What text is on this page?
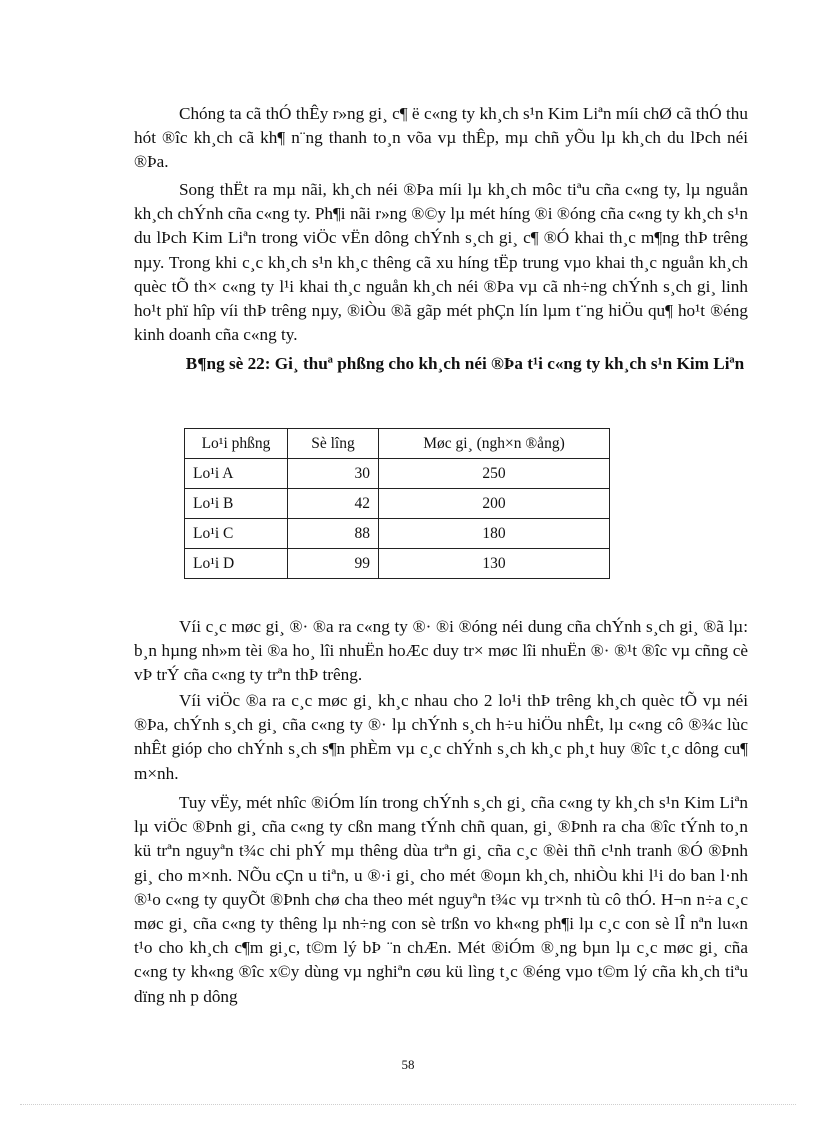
Chóng ta cã thÓ thÊy r»ng gi¸ c¶ ë c«ng ty kh¸ch s¹n Kim Liªn míi chØ cã thÓ thu hót ®îc kh¸ch cã kh¶ n¨ng thanh to¸n võa vµ thÊp, mµ chñ yÕu lµ kh¸ch du lÞch néi ®Þa.

Song thËt ra mµ nãi, kh¸ch néi ®Þa míi lµ kh¸ch môc tiªu cña c«ng ty, lµ nguån kh¸ch chÝnh cña c«ng ty. Ph¶i nãi r»ng ®©y lµ mét híng ®i ®óng cña c«ng ty kh¸ch s¹n du lÞch Kim Liªn trong viÖc vËn dông chÝnh s¸ch gi¸ c¶ ®Ó khai th¸c m¶ng thÞ trêng nµy. Trong khi c¸c kh¸ch s¹n kh¸c thêng cã xu híng tËp trung vµo khai th¸c nguån kh¸ch quèc tÕ th× c«ng ty l¹i khai th¸c nguån kh¸ch néi ®Þa vµ cã nh÷ng chÝnh s¸ch gi¸ linh ho¹t phï hîp víi thÞ trêng nµy, ®iÒu ®ã gãp mét phÇn lín lµm t¨ng hiÖu qu¶ ho¹t ®éng kinh doanh cña c«ng ty.

B¶ng sè 22: Gi¸ thuª phßng cho kh¸ch néi ®Þa t¹i c«ng ty kh¸ch s¹n Kim Liªn

Lo¹i phßng	Sè lîng	Møc gi¸ (ngh×n ®ång)
Lo¹i A	30	250
Lo¹i B	42	200
Lo¹i C	88	180
Lo¹i D	99	130

Víi c¸c møc gi¸ ®· ®a ra c«ng ty ®· ®i ®óng néi dung cña chÝnh s¸ch gi¸ ®ã lµ: b¸n hµng nh»m tèi ®a ho¸ lîi nhuËn hoÆc duy tr× møc lîi nhuËn ®· ®¹t ®îc vµ cñng cè vÞ trÝ cña c«ng ty trªn thÞ trêng.

Víi viÖc ®a ra c¸c møc gi¸ kh¸c nhau cho 2 lo¹i thÞ trêng kh¸ch quèc tÕ vµ néi ®Þa, chÝnh s¸ch gi¸ cña c«ng ty ®· lµ chÝnh s¸ch h÷u hiÖu nhÊt, lµ c«ng cô ®¾c lùc nhÊt gióp cho chÝnh s¸ch s¶n phÈm vµ c¸c chÝnh s¸ch kh¸c ph¸t huy ®îc t¸c dông cu¶ m×nh.

Tuy vËy, mét nhîc ®iÓm lín trong chÝnh s¸ch gi¸ cña c«ng ty kh¸ch s¹n Kim Liªn lµ viÖc ®Þnh gi¸ cña c«ng ty cßn mang tÝnh chñ quan, gi¸ ®Þnh ra cha ®îc tÝnh to¸n kü trªn nguyªn t¾c chi phÝ mµ thêng dùa trªn gi¸ cña c¸c ®èi thñ c¹nh tranh ®Ó ®Þnh gi¸ cho m×nh. NÕu cÇn u tiªn, u ®·i gi¸ cho mét ®oµn kh¸ch, nhiÒu khi l¹i do ban l·nh ®¹o c«ng ty quyÕt ®Þnh chø cha theo mét nguyªn t¾c vµ tr×nh tù cô thÓ. H¬n n÷a c¸c møc gi¸ cña c«ng ty thêng lµ nh÷ng con sè trßn vo kh«ng ph¶i lµ c¸c con sè lÎ nªn lu«n t¹o cho kh¸ch c¶m gi¸c, t©m lý bÞ ¨n chÆn. Mét ®iÓm ®¸ng bµn lµ c¸c møc gi¸ cña c«ng ty kh«ng ®îc x©y dùng vµ nghiªn cøu kü lìng t¸c ®éng vµo t©m lý cña kh¸ch tiªu dïng nh p dông

58
